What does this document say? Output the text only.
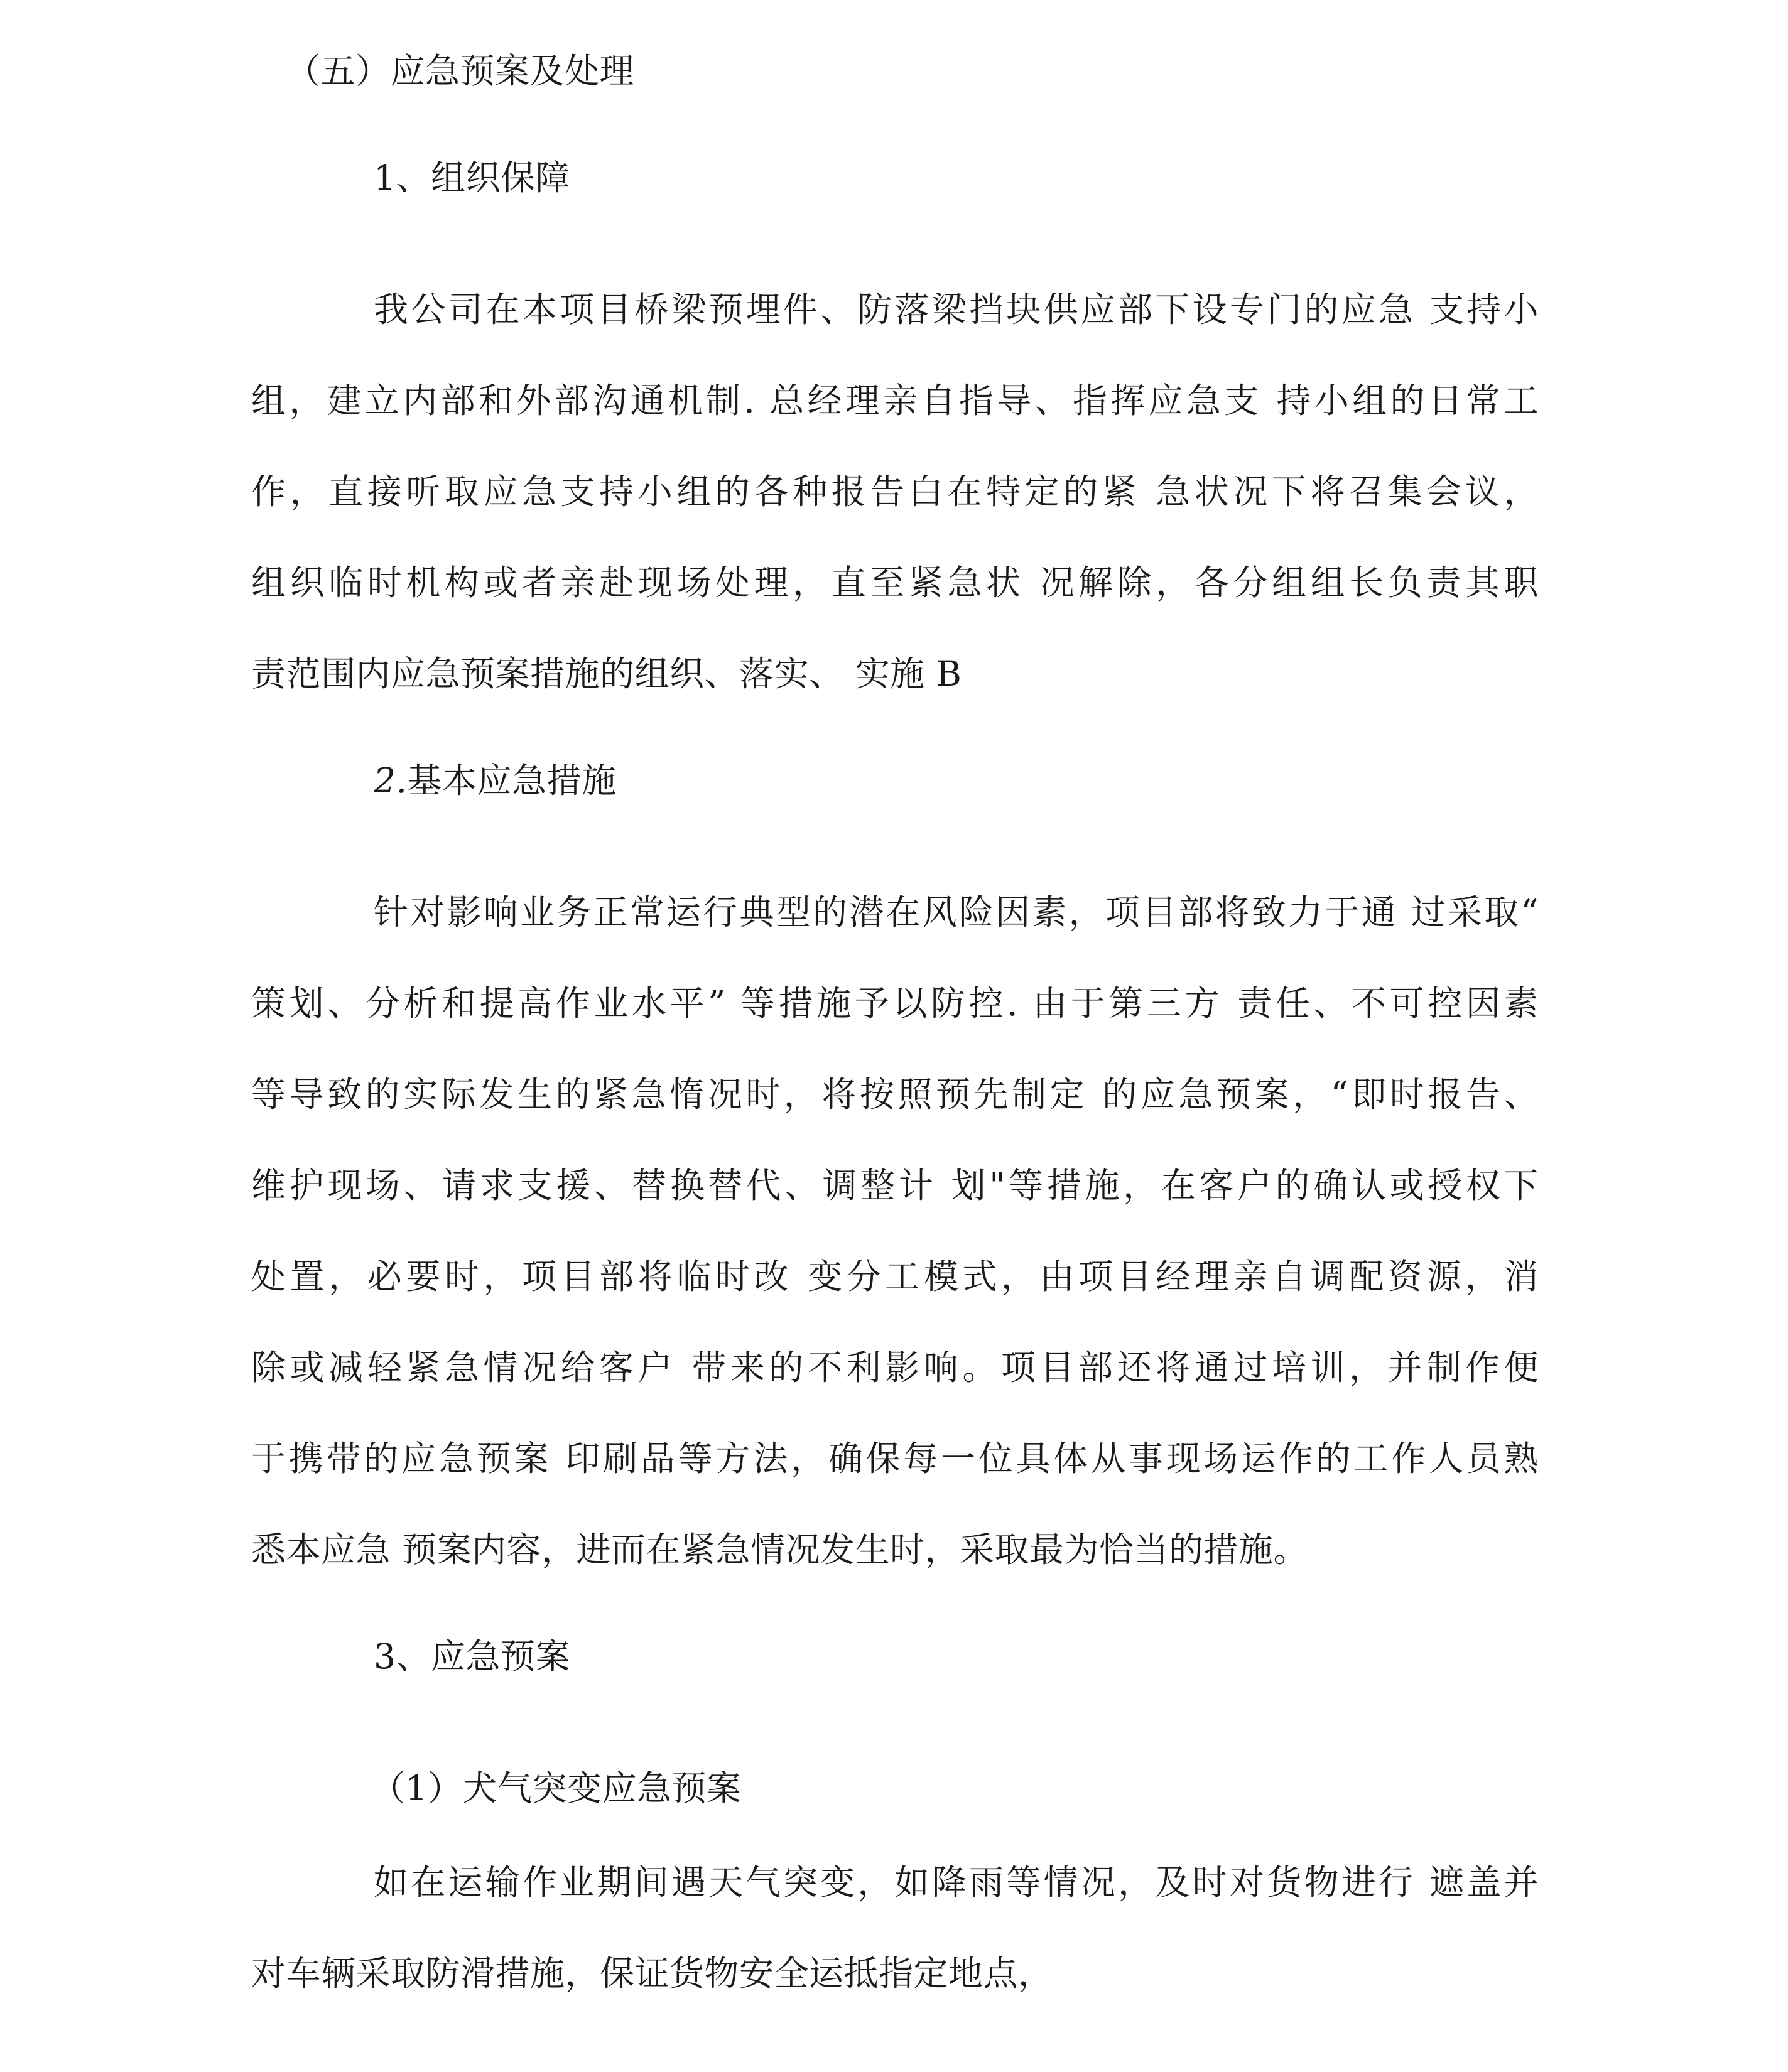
（五）应急预案及处理
1、组织保障
我公司在本项目桥梁预埋件、防落梁挡块供应部下设专门的应急 支持小
组，建立内部和外部沟通机制. 总经理亲自指导、指挥应急支 持小组的日常工
作，直接听取应急支持小组的各种报告白在特定的紧 急状况下将召集会议，
组织临时机构或者亲赴现场处理，直至紧急状 况解除，各分组组长负责其职
责范围内应急预案措施的组织、落实、 实施 B
2.基本应急措施
针对影响业务正常运行典型的潜在风险因素，项目部将致力于通 过采取“
策划、分析和提高作业水平” 等措施予以防控. 由于第三方 责任、不可控因素
等导致的实际发生的紧急惰况时，将按照预先制定 的应急预案，“即时报告、
维护现场、请求支援、替换替代、调整计 划"等措施，在客户的确认或授权下
处置，必要时，项目部将临时改 变分工模式，由项目经理亲自调配资源，消
除或减轻紧急情况给客户 带来的不利影响。项目部还将通过培训，并制作便
于携带的应急预案 印刷品等方法，确保每一位具体从事现场运作的工作人员熟
悉本应急 预案内容，进而在紧急情况发生时，采取最为恰当的措施。
3、应急预案
（1）犬气突变应急预案
如在运输作业期间遇天气突变，如降雨等情况，及时对货物进行 遮盖并
对车辆采取防滑措施，保证货物安全运抵指定地点，
